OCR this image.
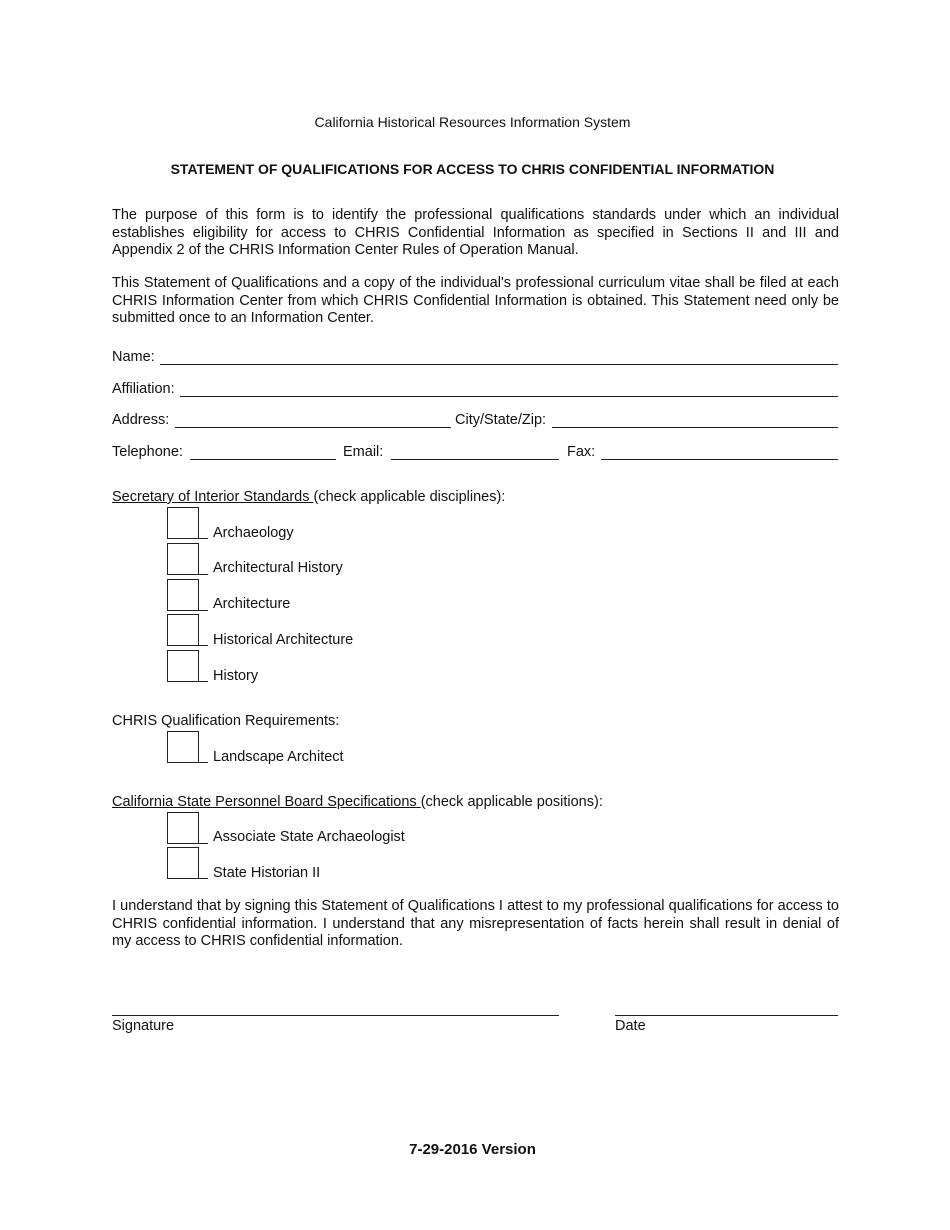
California Historical Resources Information System
STATEMENT OF QUALIFICATIONS FOR ACCESS TO CHRIS CONFIDENTIAL INFORMATION
The purpose of this form is to identify the professional qualifications standards under which an individual establishes eligibility for access to CHRIS Confidential Information as specified in Sections II and III and Appendix 2 of the CHRIS Information Center Rules of Operation Manual.
This Statement of Qualifications and a copy of the individual's professional curriculum vitae shall be filed at each CHRIS Information Center from which CHRIS Confidential Information is obtained. This Statement need only be submitted once to an Information Center.
Name:
Affiliation:
Address:	City/State/Zip:
Telephone:	Email:	Fax:
Secretary of Interior Standards (check applicable disciplines):
Archaeology
Architectural History
Architecture
Historical Architecture
History
CHRIS Qualification Requirements:
Landscape Architect
California State Personnel Board Specifications (check applicable positions):
Associate State Archaeologist
State Historian II
I understand that by signing this Statement of Qualifications I attest to my professional qualifications for access to CHRIS confidential information. I understand that any misrepresentation of facts herein shall result in denial of my access to CHRIS confidential information.
Signature	Date
7-29-2016 Version
